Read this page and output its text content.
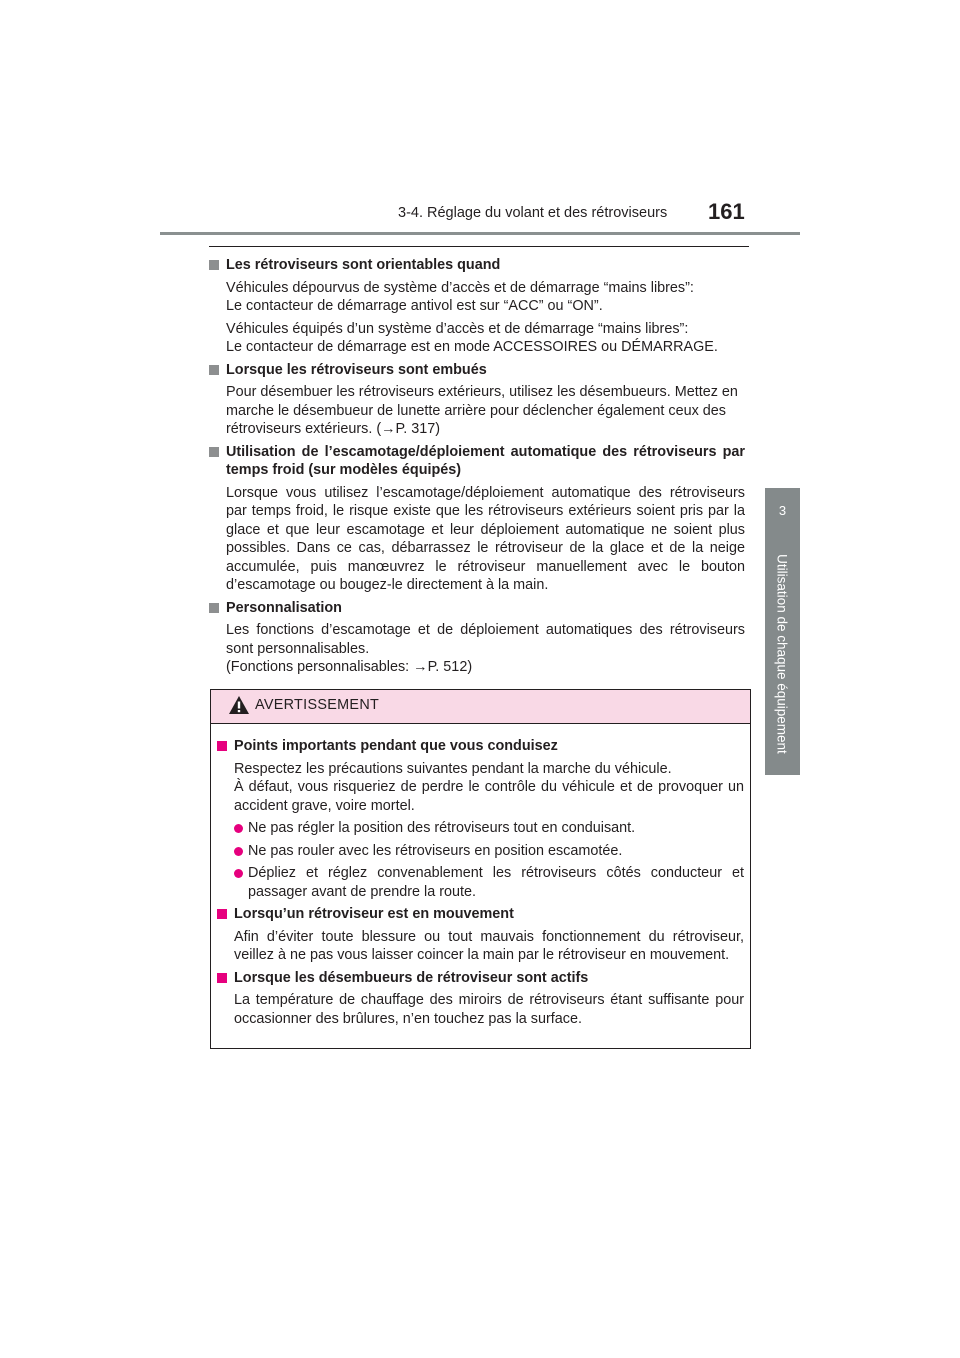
3-4. Réglage du volant et des rétroviseurs 161
3
Utilisation de chaque équipement
Les rétroviseurs sont orientables quand
Véhicules dépourvus de système d’accès et de démarrage “mains libres”:
Le contacteur de démarrage antivol est sur “ACC” ou “ON”.
Véhicules équipés d’un système d’accès et de démarrage “mains libres”:
Le contacteur de démarrage est en mode ACCESSOIRES ou DÉMARRAGE.
Lorsque les rétroviseurs sont embués
Pour désembuer les rétroviseurs extérieurs, utilisez les désembueurs. Mettez en marche le désembueur de lunette arrière pour déclencher également ceux des rétroviseurs extérieurs. (→P. 317)
Utilisation de l’escamotage/déploiement automatique des rétroviseurs par temps froid (sur modèles équipés)
Lorsque vous utilisez l’escamotage/déploiement automatique des rétroviseurs par temps froid, le risque existe que les rétroviseurs extérieurs soient pris par la glace et que leur escamotage et leur déploiement automatique ne soient plus possibles. Dans ce cas, débarrassez le rétroviseur de la glace et de la neige accumulée, puis manœuvrez le rétroviseur manuellement avec le bouton d’escamotage ou bougez-le directement à la main.
Personnalisation
Les fonctions d’escamotage et de déploiement automatiques des rétroviseurs sont personnalisables.
(Fonctions personnalisables: →P. 512)
AVERTISSEMENT
Points importants pendant que vous conduisez
Respectez les précautions suivantes pendant la marche du véhicule.
À défaut, vous risqueriez de perdre le contrôle du véhicule et de provoquer un accident grave, voire mortel.
Ne pas régler la position des rétroviseurs tout en conduisant.
Ne pas rouler avec les rétroviseurs en position escamotée.
Dépliez et réglez convenablement les rétroviseurs côtés conducteur et passager avant de prendre la route.
Lorsqu’un rétroviseur est en mouvement
Afin d’éviter toute blessure ou tout mauvais fonctionnement du rétroviseur, veillez à ne pas vous laisser coincer la main par le rétroviseur en mouvement.
Lorsque les désembueurs de rétroviseur sont actifs
La température de chauffage des miroirs de rétroviseurs étant suffisante pour occasionner des brûlures, n’en touchez pas la surface.
